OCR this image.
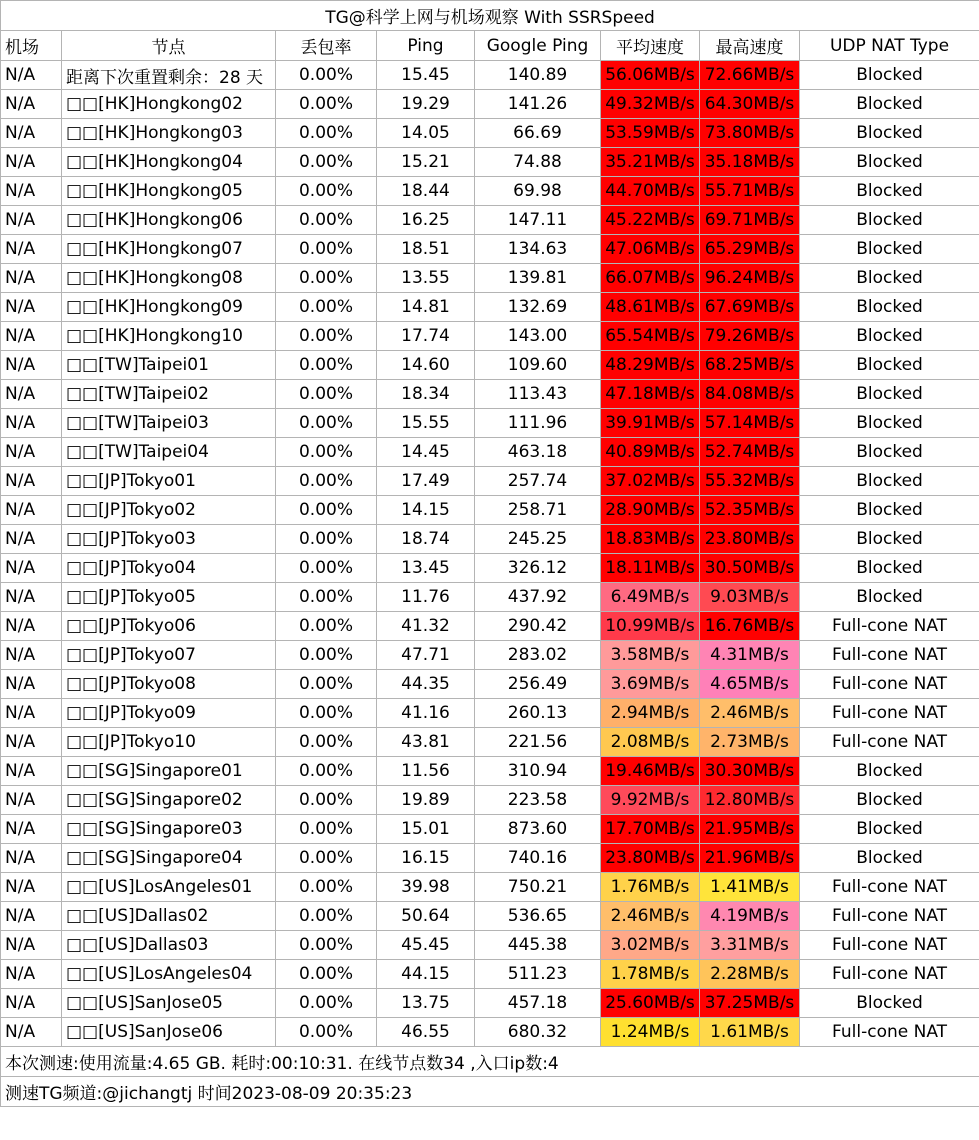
TG@科学上网与机场观察 With SSRSpeed							
机场	节点	丢包率	Ping	Google Ping	平均速度	最高速度	UDP NAT Type
N/A	距离下次重置剩余：28 天	0.00%	15.45	140.89	56.06MB/s	72.66MB/s	Blocked
N/A	□□[HK]Hongkong02	0.00%	19.29	141.26	49.32MB/s	64.30MB/s	Blocked
N/A	□□[HK]Hongkong03	0.00%	14.05	66.69	53.59MB/s	73.80MB/s	Blocked
N/A	□□[HK]Hongkong04	0.00%	15.21	74.88	35.21MB/s	35.18MB/s	Blocked
N/A	□□[HK]Hongkong05	0.00%	18.44	69.98	44.70MB/s	55.71MB/s	Blocked
N/A	□□[HK]Hongkong06	0.00%	16.25	147.11	45.22MB/s	69.71MB/s	Blocked
N/A	□□[HK]Hongkong07	0.00%	18.51	134.63	47.06MB/s	65.29MB/s	Blocked
N/A	□□[HK]Hongkong08	0.00%	13.55	139.81	66.07MB/s	96.24MB/s	Blocked
N/A	□□[HK]Hongkong09	0.00%	14.81	132.69	48.61MB/s	67.69MB/s	Blocked
N/A	□□[HK]Hongkong10	0.00%	17.74	143.00	65.54MB/s	79.26MB/s	Blocked
N/A	□□[TW]Taipei01	0.00%	14.60	109.60	48.29MB/s	68.25MB/s	Blocked
N/A	□□[TW]Taipei02	0.00%	18.34	113.43	47.18MB/s	84.08MB/s	Blocked
N/A	□□[TW]Taipei03	0.00%	15.55	111.96	39.91MB/s	57.14MB/s	Blocked
N/A	□□[TW]Taipei04	0.00%	14.45	463.18	40.89MB/s	52.74MB/s	Blocked
N/A	□□[JP]Tokyo01	0.00%	17.49	257.74	37.02MB/s	55.32MB/s	Blocked
N/A	□□[JP]Tokyo02	0.00%	14.15	258.71	28.90MB/s	52.35MB/s	Blocked
N/A	□□[JP]Tokyo03	0.00%	18.74	245.25	18.83MB/s	23.80MB/s	Blocked
N/A	□□[JP]Tokyo04	0.00%	13.45	326.12	18.11MB/s	30.50MB/s	Blocked
N/A	□□[JP]Tokyo05	0.00%	11.76	437.92	6.49MB/s	9.03MB/s	Blocked
N/A	□□[JP]Tokyo06	0.00%	41.32	290.42	10.99MB/s	16.76MB/s	Full-cone NAT
N/A	□□[JP]Tokyo07	0.00%	47.71	283.02	3.58MB/s	4.31MB/s	Full-cone NAT
N/A	□□[JP]Tokyo08	0.00%	44.35	256.49	3.69MB/s	4.65MB/s	Full-cone NAT
N/A	□□[JP]Tokyo09	0.00%	41.16	260.13	2.94MB/s	2.46MB/s	Full-cone NAT
N/A	□□[JP]Tokyo10	0.00%	43.81	221.56	2.08MB/s	2.73MB/s	Full-cone NAT
N/A	□□[SG]Singapore01	0.00%	11.56	310.94	19.46MB/s	30.30MB/s	Blocked
N/A	□□[SG]Singapore02	0.00%	19.89	223.58	9.92MB/s	12.80MB/s	Blocked
N/A	□□[SG]Singapore03	0.00%	15.01	873.60	17.70MB/s	21.95MB/s	Blocked
N/A	□□[SG]Singapore04	0.00%	16.15	740.16	23.80MB/s	21.96MB/s	Blocked
N/A	□□[US]LosAngeles01	0.00%	39.98	750.21	1.76MB/s	1.41MB/s	Full-cone NAT
N/A	□□[US]Dallas02	0.00%	50.64	536.65	2.46MB/s	4.19MB/s	Full-cone NAT
N/A	□□[US]Dallas03	0.00%	45.45	445.38	3.02MB/s	3.31MB/s	Full-cone NAT
N/A	□□[US]LosAngeles04	0.00%	44.15	511.23	1.78MB/s	2.28MB/s	Full-cone NAT
N/A	□□[US]SanJose05	0.00%	13.75	457.18	25.60MB/s	37.25MB/s	Blocked
N/A	□□[US]SanJose06	0.00%	46.55	680.32	1.24MB/s	1.61MB/s	Full-cone NAT
本次测速:使用流量:4.65 GB. 耗时:00:10:31. 在线节点数34 ,入口ip数:4							
测速TG频道:@jichangtj 时间2023-08-09 20:35:23							
